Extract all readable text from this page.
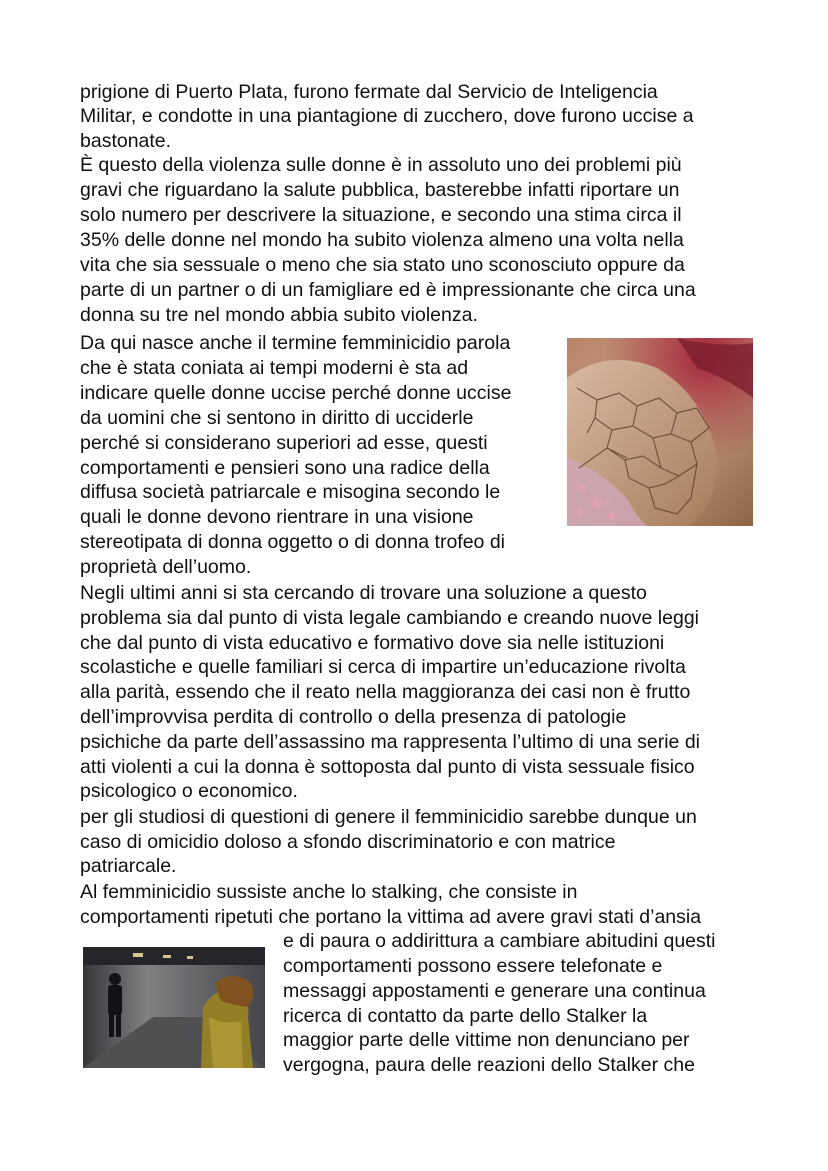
prigione di Puerto Plata, furono fermate dal Servicio de Inteligencia
Militar, e condotte in una piantagione di zucchero, dove furono uccise a
bastonate.
È questo della violenza sulle donne è in assoluto uno dei problemi più
gravi che riguardano la salute pubblica, basterebbe infatti riportare un
solo numero per descrivere la situazione, e secondo una stima circa il
35% delle donne nel mondo ha subito violenza almeno una volta nella
vita che sia sessuale o meno che sia stato uno sconosciuto oppure da
parte di un partner o di un famigliare ed è impressionante che circa una
donna su tre nel mondo abbia subito violenza.
Da qui nasce anche il termine femminicidio parola
che è stata coniata ai tempi moderni è sta ad
indicare quelle donne uccise perché donne uccise
da uomini che si sentono in diritto di ucciderle
perché si considerano superiori ad esse, questi
comportamenti e pensieri sono una radice della
diffusa società patriarcale e misogina secondo le
quali le donne devono rientrare in una visione
stereotipata di donna oggetto o di donna trofeo di
proprietà dell’uomo.
Negli ultimi anni si sta cercando di trovare una soluzione a questo
problema sia dal punto di vista legale cambiando e creando nuove leggi
che dal punto di vista educativo e formativo dove sia nelle istituzioni
scolastiche e quelle familiari si cerca di impartire un’educazione rivolta
alla parità, essendo che il reato nella maggioranza dei casi non è frutto
dell’improvvisa perdita di controllo o della presenza di patologie
psichiche da parte dell’assassino ma rappresenta l’ultimo di una serie di
atti violenti a cui la donna è sottoposta dal punto di vista sessuale fisico
psicologico o economico.
per gli studiosi di questioni di genere il femminicidio sarebbe dunque un
caso di omicidio doloso a sfondo discriminatorio e con matrice
patriarcale.
Al femminicidio sussiste anche lo stalking, che consiste in
comportamenti ripetuti che portano la vittima ad avere gravi stati d’ansia
e di paura o addirittura a cambiare abitudini questi
comportamenti possono essere telefonate e
messaggi appostamenti e generare una continua
ricerca di contatto da parte dello Stalker la
maggior parte delle vittime non denunciano per
vergogna, paura delle reazioni dello Stalker che
